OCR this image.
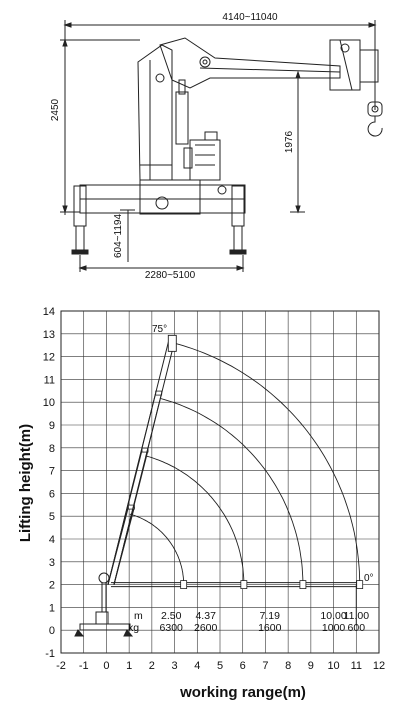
4140~11040
2450
1976
604~1194
2280~5100
-2 -1 0 1 2 3 4 5 6 7 8 9 10 11 12
-1
0
1
2
3
4
5
6
7
8
9
10
11
12
13
14
2.50
6300
4.37
2600
7.19
1600
10.00
1000
11.00
600
75°
0°
m
kg
working range(m)
Lifting height(m)
